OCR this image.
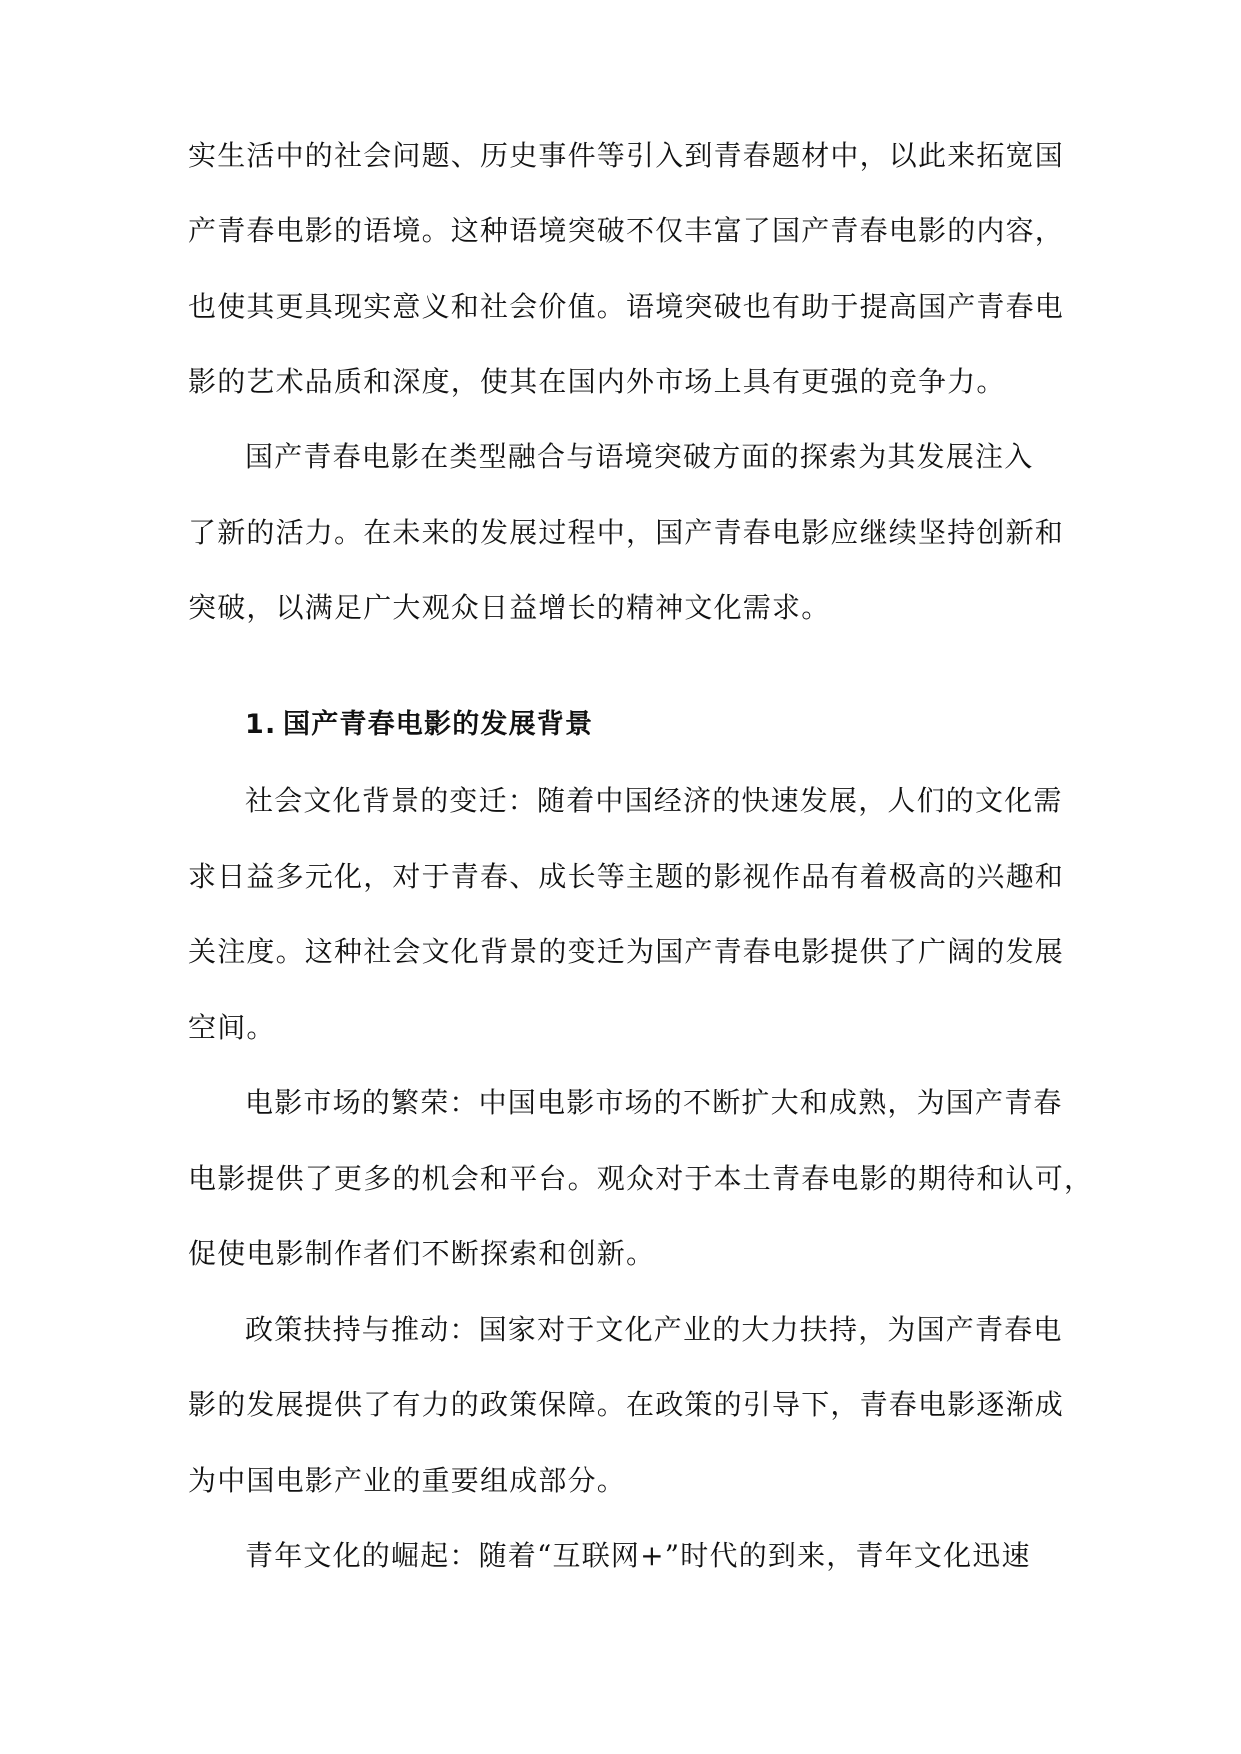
实生活中的社会问题、历史事件等引入到青春题材中，以此来拓宽国

产青春电影的语境。这种语境突破不仅丰富了国产青春电影的内容，

也使其更具现实意义和社会价值。语境突破也有助于提高国产青春电

影的艺术品质和深度，使其在国内外市场上具有更强的竞争力。

国产青春电影在类型融合与语境突破方面的探索为其发展注入

了新的活力。在未来的发展过程中，国产青春电影应继续坚持创新和

突破，以满足广大观众日益增长的精神文化需求。

1. 国产青春电影的发展背景

社会文化背景的变迁：随着中国经济的快速发展，人们的文化需

求日益多元化，对于青春、成长等主题的影视作品有着极高的兴趣和

关注度。这种社会文化背景的变迁为国产青春电影提供了广阔的发展

空间。

电影市场的繁荣：中国电影市场的不断扩大和成熟，为国产青春

电影提供了更多的机会和平台。观众对于本土青春电影的期待和认可，

促使电影制作者们不断探索和创新。

政策扶持与推动：国家对于文化产业的大力扶持，为国产青春电

影的发展提供了有力的政策保障。在政策的引导下，青春电影逐渐成

为中国电影产业的重要组成部分。

青年文化的崛起：随着“互联网+”时代的到来，青年文化迅速
